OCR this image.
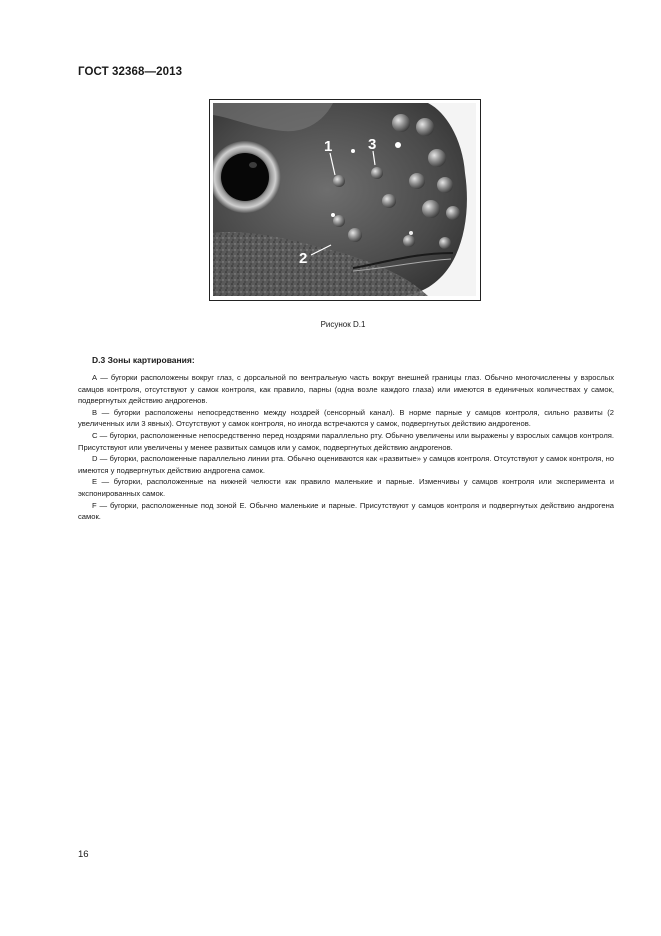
ГОСТ 32368—2013
1
2
3
Рисунок D.1
D.3 Зоны картирования:

А — бугорки расположены вокруг глаз, с дорсальной по вентральную часть вокруг внешней границы глаз. Обычно многочисленны у взрослых самцов контроля, отсутствуют у самок контроля, как правило, парны (одна возле каждого глаза) или имеются в единичных количествах у самок, подвергнутых действию андрогенов.

В — бугорки расположены непосредственно между ноздрей (сенсорный канал). В норме парные у самцов контроля, сильно развиты (2 увеличенных или 3 явных). Отсутствуют у самок контроля, но иногда встречаются у самок, подвергнутых действию андрогенов.

С — бугорки, расположенные непосредственно перед ноздрями параллельно рту. Обычно увеличены или выражены у взрослых самцов контроля. Присутствуют или увеличены у менее развитых самцов или у самок, подвергнутых действию андрогенов.

D — бугорки, расположенные параллельно линии рта. Обычно оцениваются как «развитые» у самцов контроля. Отсутствуют у самок контроля, но имеются у подвергнутых действию андрогена самок.

Е — бугорки, расположенные на нижней челюсти как правило маленькие и парные. Изменчивы у самцов контроля или эксперимента и экспонированных самок.

F — бугорки, расположенные под зоной Е. Обычно маленькие и парные. Присутствуют у самцов контроля и подвергнутых действию андрогена самок.

16
